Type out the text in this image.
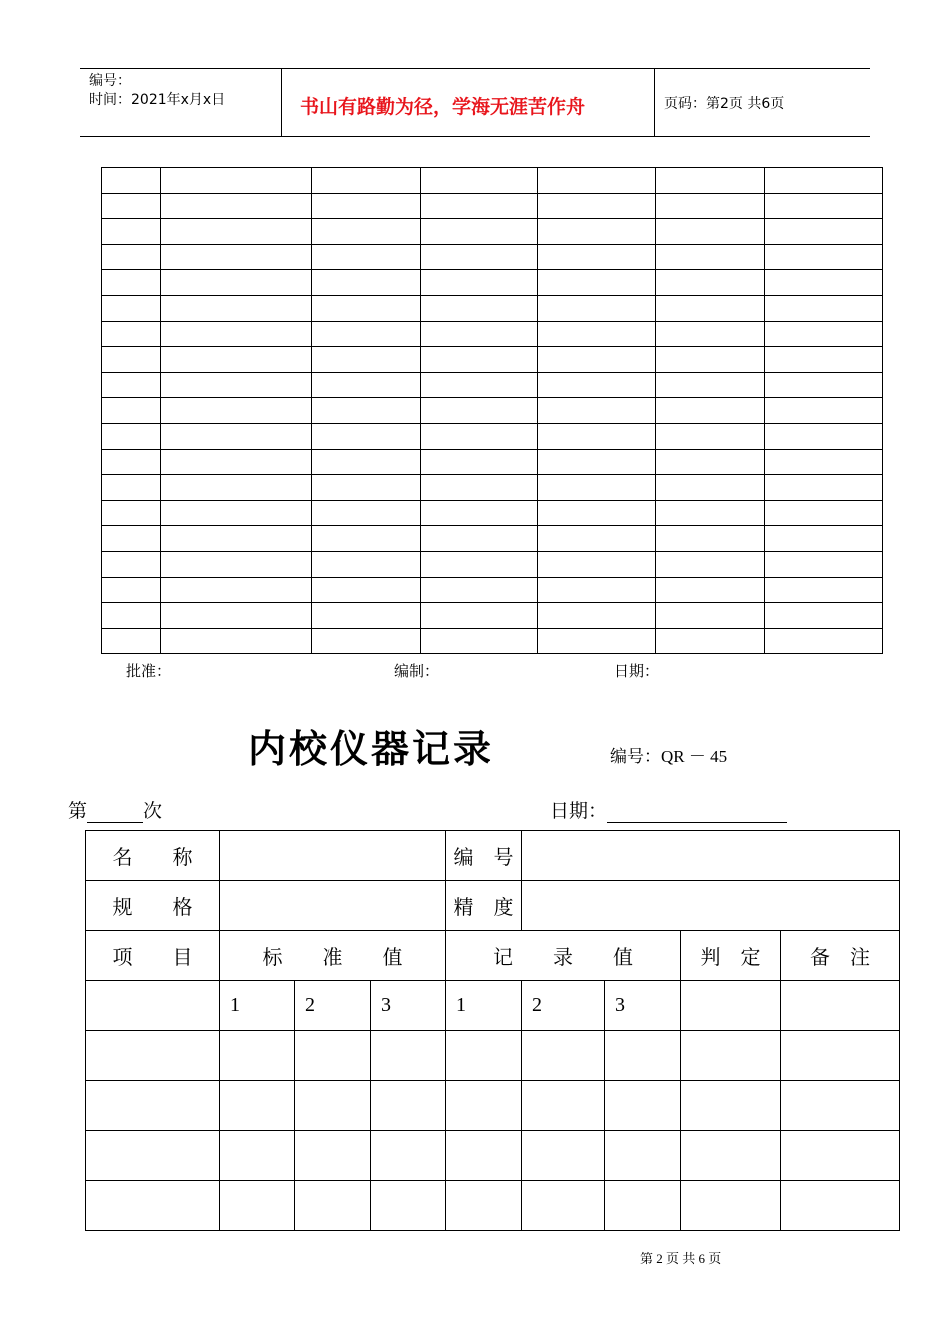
编号：
时间：2021年x月x日	书山有路勤为径，学海无涯苦作舟	页码：第2页 共6页

批准：	编制：	日期：
内校仪器记录	编号：QR － 45
第	次	日期：
名　　称				编　号				
规　　格				精　度				
项　　目	标　　准　　值			记　　录　　值			判　定	备　注
	1	2	3	1	2	3		

第 2 页 共 6 页
